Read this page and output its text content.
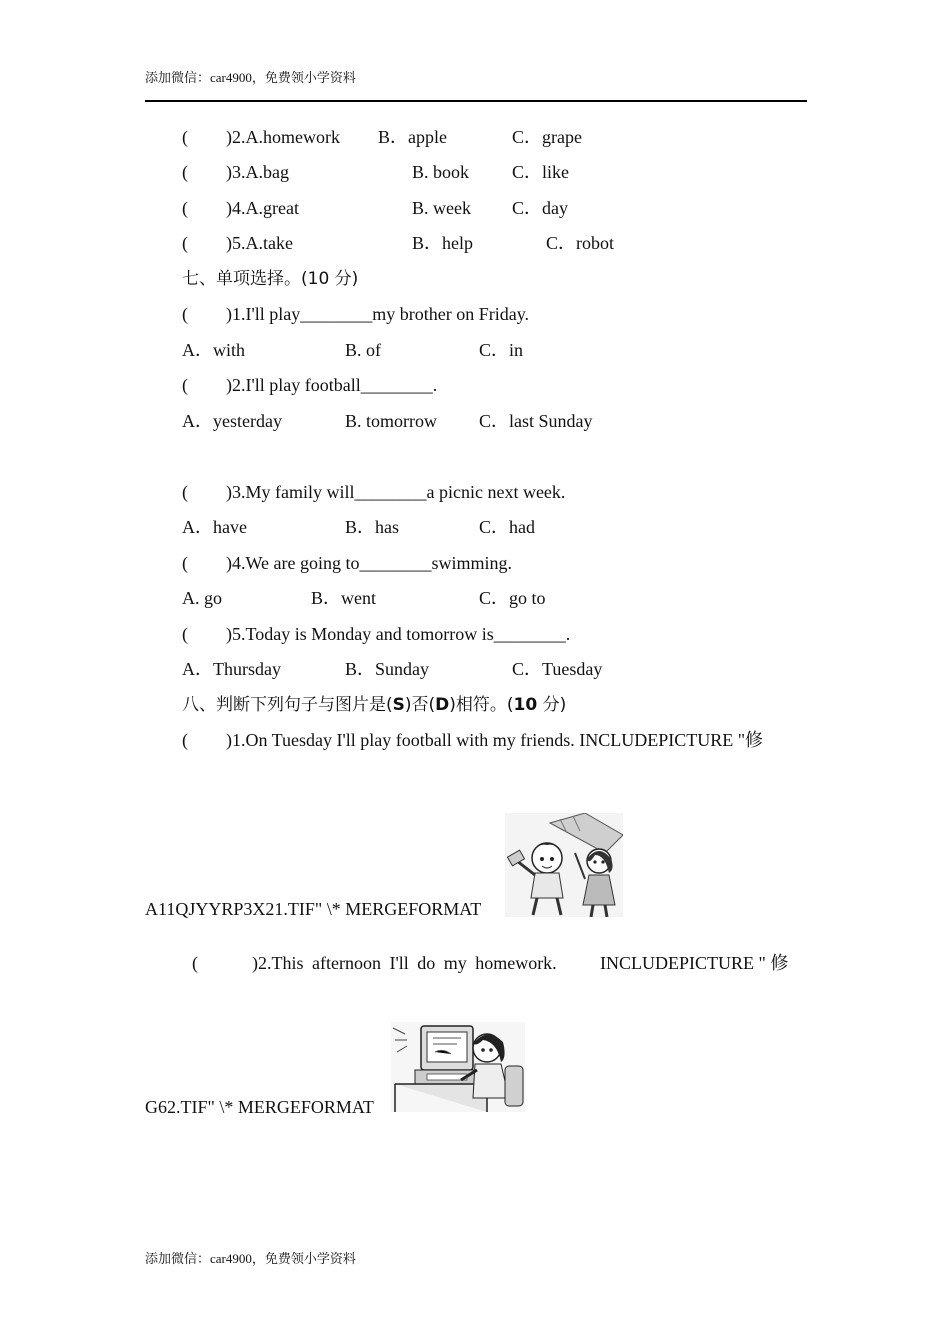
添加微信：car4900，免费领小学资料
( )2.A.homework B．apple	C．grape
( )3.A.bag	B. book C．like
( )4.A.great	B. week C．day
( )5.A.take	B．help	C．robot
七、单项选择。(10 分)
( )1.I'll play________my brother on Friday.
A．with	B. of	C．in
( )2.I'll play football________.
A．yesterday	B. tomorrow C．last Sunday
( )3.My family will________a picnic next week.
A．have	B．has	C．had
( )4.We are going to________swimming.
A. go	B．went	C．go to
( )5.Today is Monday and tomorrow is________.
A．Thursday	B．Sunday	C．Tuesday
八、判断下列句子与图片是(S)否(D)相符。(10 分)
( )1.On Tuesday I'll play football with my friends. INCLUDEPICTURE "修
A11QJYYRP3X21.TIF" \* MERGEFORMAT
(	)2.This afternoon I'll do my homework. INCLUDEPICTURE " 修
G62.TIF" \* MERGEFORMAT
添加微信：car4900，免费领小学资料
